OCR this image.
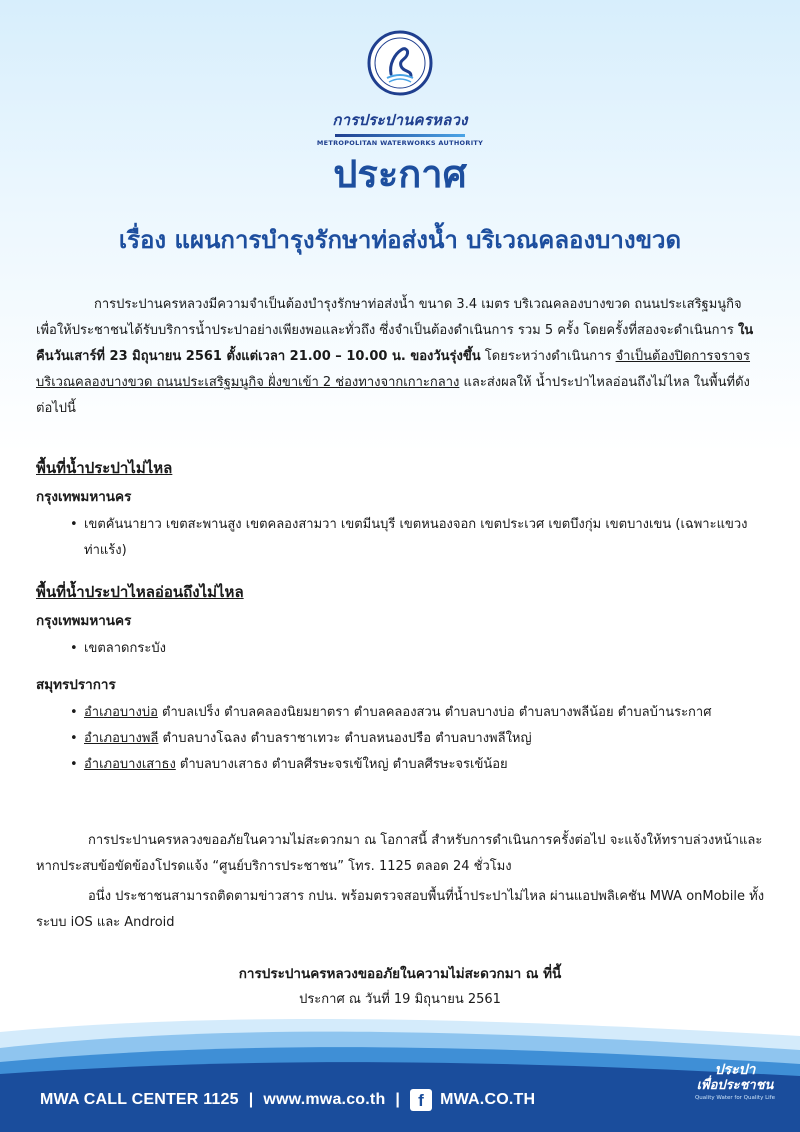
การประปานครหลวง
METROPOLITAN WATERWORKS AUTHORITY
ประกาศ
เรื่อง แผนการบำรุงรักษาท่อส่งน้ำ บริเวณคลองบางขวด
การประปานครหลวงมีความจำเป็นต้องบำรุงรักษาท่อส่งน้ำ ขนาด 3.4 เมตร บริเวณคลองบางขวด ถนนประเสริฐมนูกิจ เพื่อให้ประชาชนได้รับบริการน้ำประปาอย่างเพียงพอและทั่วถึง ซึ่งจำเป็นต้องดำเนินการ รวม 5 ครั้ง โดยครั้งที่สองจะดำเนินการ ในคืนวันเสาร์ที่ 23 มิถุนายน 2561 ตั้งแต่เวลา 21.00 – 10.00 น. ของวันรุ่งขึ้น โดยระหว่างดำเนินการ จำเป็นต้องปิดการจราจร บริเวณคลองบางขวด ถนนประเสริฐมนูกิจ ฝั่งขาเข้า 2 ช่องทางจากเกาะกลาง และส่งผลให้ น้ำประปาไหลอ่อนถึงไม่ไหล ในพื้นที่ดังต่อไปนี้
พื้นที่น้ำประปาไม่ไหล
กรุงเทพมหานคร
• เขตคันนายาว เขตสะพานสูง เขตคลองสามวา เขตมีนบุรี เขตหนองจอก เขตประเวศ เขตบึงกุ่ม เขตบางเขน (เฉพาะแขวงท่าแร้ง)
พื้นที่น้ำประปาไหลอ่อนถึงไม่ไหล
กรุงเทพมหานคร
• เขตลาดกระบัง
สมุทรปราการ
• อำเภอบางบ่อ ตำบลเปร็ง ตำบลคลองนิยมยาตรา ตำบลคลองสวน ตำบลบางบ่อ ตำบลบางพลีน้อย ตำบลบ้านระกาศ
• อำเภอบางพลี ตำบลบางโฉลง ตำบลราชาเทวะ ตำบลหนองปรือ ตำบลบางพลีใหญ่
• อำเภอบางเสาธง ตำบลบางเสาธง ตำบลศีรษะจรเข้ใหญ่ ตำบลศีรษะจรเข้น้อย
การประปานครหลวงขออภัยในความไม่สะดวกมา ณ โอกาสนี้ สำหรับการดำเนินการครั้งต่อไป จะแจ้งให้ทราบล่วงหน้าและหากประสบข้อขัดข้องโปรดแจ้ง “ศูนย์บริการประชาชน” โทร. 1125 ตลอด 24 ชั่วโมง
อนึ่ง ประชาชนสามารถติดตามข่าวสาร กปน. พร้อมตรวจสอบพื้นที่น้ำประปาไม่ไหล ผ่านแอปพลิเคชัน MWA onMobile ทั้งระบบ iOS และ Android
การประปานครหลวงขออภัยในความไม่สะดวกมา ณ ที่นี้
ประกาศ ณ วันที่ 19 มิถุนายน 2561
MWA CALL CENTER 1125 | www.mwa.co.th |	f	MWA.CO.TH
ประปา
เพื่อประชาชน
Quality Water for Quality Life
